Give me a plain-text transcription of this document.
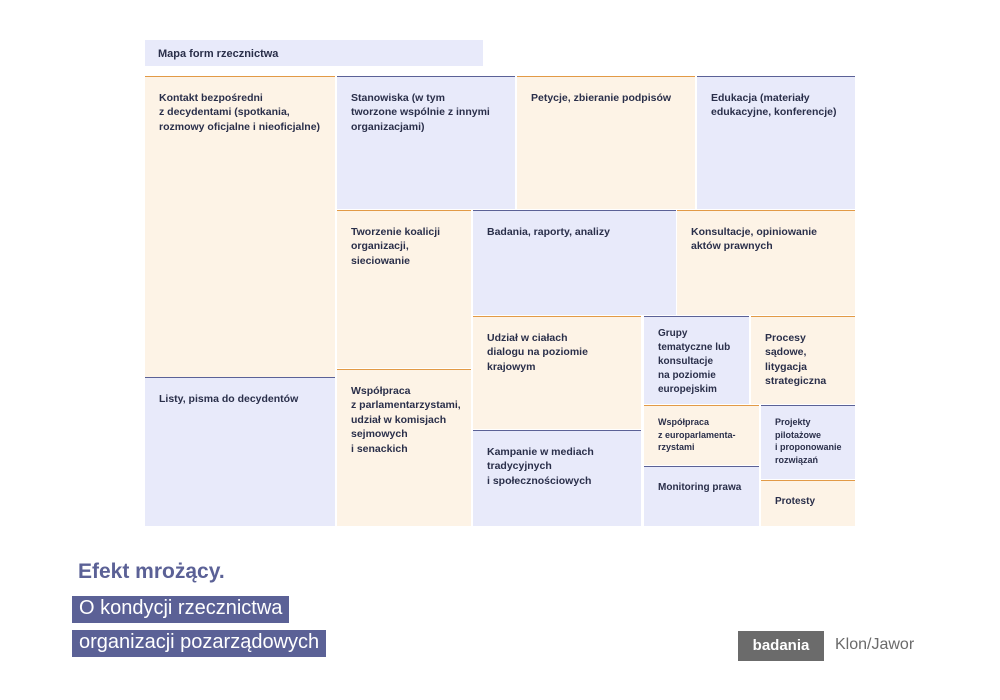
Mapa form rzecznictwa
Kontakt bezpośredni
z decydentami (spotkania,
rozmowy oficjalne i nieoficjalne)
Stanowiska (w tym
tworzone wspólnie z innymi
organizacjami)
Petycje, zbieranie podpisów	Edukacja (materiały
edukacyjne, konferencje)
Tworzenie koalicji
organizacji,
sieciowanie
Badania, raporty, analizy	Konsultacje, opiniowanie
aktów prawnych
Udział w ciałach
dialogu na poziomie
krajowym
Grupy
tematyczne lub
konsultacje
na poziomie
europejskim
Procesy
sądowe,
litygacja
strategiczna
Listy, pisma do decydentów
Współpraca
z parlamentarzystami,
udział w komisjach
sejmowych
i senackich
Współpraca
z europarlamenta-
rzystami
Projekty
pilotażowe
i proponowanie
rozwiązań
Kampanie w mediach
tradycyjnych
i społecznościowych
Monitoring prawa
Protesty
Efekt mrożący.
O kondycji rzecznictwa
organizacji pozarządowych	badania	Klon/Jawor
